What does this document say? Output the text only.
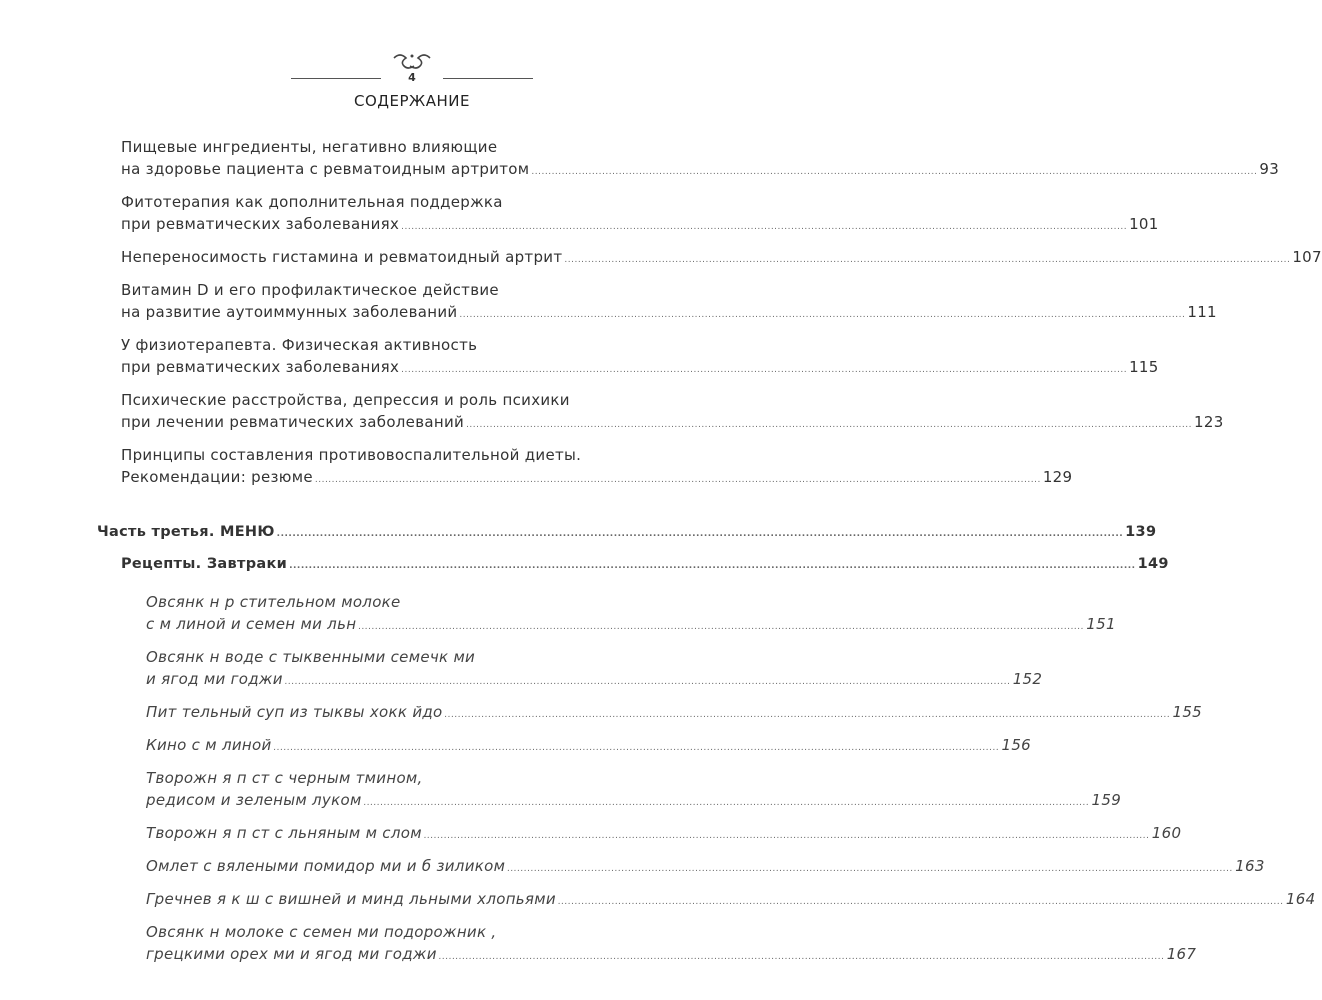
4
СОДЕРЖАНИЕ
Пищевые ингредиенты, негативно влияющие
на здоровье пациента с ревматоидным артритом ........................................................................................................................................................................................................................ 93
Фитотерапия как дополнительная поддержка
при ревматических заболеваниях ........................................................................................................................................................................................................................ 101
Непереносимость гистамина и ревматоидный артрит ........................................................................................................................................................................................................................ 107
Витамин D и его профилактическое действие
на развитие аутоиммунных заболеваний ........................................................................................................................................................................................................................ 111
У физиотерапевта. Физическая активность
при ревматических заболеваниях ........................................................................................................................................................................................................................ 115
Психические расстройства, депрессия и роль психики
при лечении ревматических заболеваний ........................................................................................................................................................................................................................ 123
Принципы составления противовоспалительной диеты.
Рекомендации: резюме ........................................................................................................................................................................................................................ 129
Часть третья. МЕНЮ ........................................................................................................................................................................................................................ 139
Рецепты. Завтраки ........................................................................................................................................................................................................................ 149
Овсянк н р стительном молоке
с м линой и семен ми льн ........................................................................................................................................................................................................................ 151
Овсянк н воде с тыквенными семечк ми
и ягод ми годжи ........................................................................................................................................................................................................................ 152
Пит тельный суп из тыквы хокк йдо ........................................................................................................................................................................................................................ 155
Кино с м линой ........................................................................................................................................................................................................................ 156
Творожн я п ст с черным тмином,
редисом и зеленым луком ........................................................................................................................................................................................................................ 159
Творожн я п ст с льняным м слом ........................................................................................................................................................................................................................ 160
Омлет с вялеными помидор ми и б зиликом ........................................................................................................................................................................................................................ 163
Гречнев я к ш с вишней и минд льными хлопьями ........................................................................................................................................................................................................................ 164
Овсянк н молоке с семен ми подорожник ,
грецкими орех ми и ягод ми годжи ........................................................................................................................................................................................................................ 167
